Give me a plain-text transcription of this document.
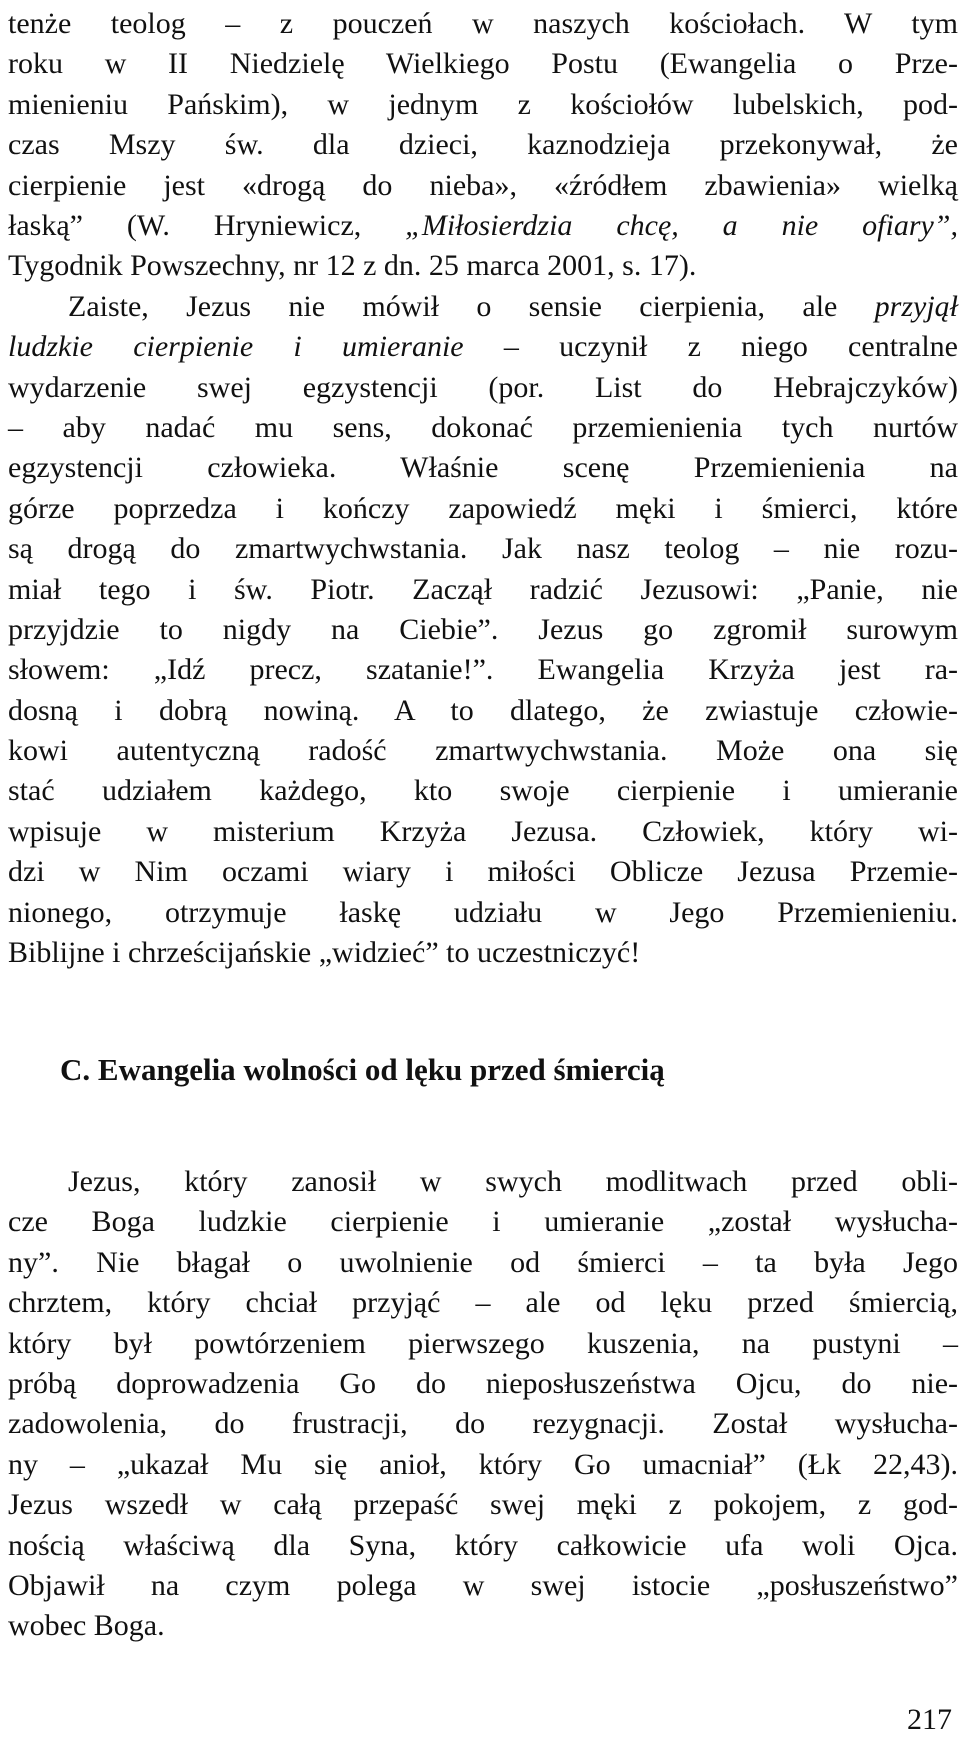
tenże teolog – z pouczeń w naszych kościołach. W tym
roku w II Niedzielę Wielkiego Postu (Ewangelia o Prze-
mienieniu Pańskim), w jednym z kościołów lubelskich, pod-
czas Mszy św. dla dzieci, kaznodzieja przekonywał, że
cierpienie jest «drogą do nieba», «źródłem zbawienia» wielką
łaską” (W. Hryniewicz, „Miłosierdzia chcę, a nie ofiary”,
Tygodnik Powszechny, nr 12 z dn. 25 marca 2001, s. 17).
Zaiste, Jezus nie mówił o sensie cierpienia, ale przyjął
ludzkie cierpienie i umieranie – uczynił z niego centralne
wydarzenie swej egzystencji (por. List do Hebrajczyków)
– aby nadać mu sens, dokonać przemienienia tych nurtów
egzystencji człowieka. Właśnie scenę Przemienienia na
górze poprzedza i kończy zapowiedź męki i śmierci, które
są drogą do zmartwychwstania. Jak nasz teolog – nie rozu-
miał tego i św. Piotr. Zaczął radzić Jezusowi: „Panie, nie
przyjdzie to nigdy na Ciebie”. Jezus go zgromił surowym
słowem: „Idź precz, szatanie!”. Ewangelia Krzyża jest ra-
dosną i dobrą nowiną. A to dlatego, że zwiastuje człowie-
kowi autentyczną radość zmartwychwstania. Może ona się
stać udziałem każdego, kto swoje cierpienie i umieranie
wpisuje w misterium Krzyża Jezusa. Człowiek, który wi-
dzi w Nim oczami wiary i miłości Oblicze Jezusa Przemie-
nionego, otrzymuje łaskę udziału w Jego Przemienieniu.
Biblijne i chrześcijańskie „widzieć” to uczestniczyć!
C. Ewangelia wolności od lęku przed śmiercią
Jezus, który zanosił w swych modlitwach przed obli-
cze Boga ludzkie cierpienie i umieranie „został wysłucha-
ny”. Nie błagał o uwolnienie od śmierci – ta była Jego
chrztem, który chciał przyjąć – ale od lęku przed śmiercią,
który był powtórzeniem pierwszego kuszenia, na pustyni –
próbą doprowadzenia Go do nieposłuszeństwa Ojcu, do nie-
zadowolenia, do frustracji, do rezygnacji. Został wysłucha-
ny – „ukazał Mu się anioł, który Go umacniał” (Łk 22,43).
Jezus wszedł w całą przepaść swej męki z pokojem, z god-
nością właściwą dla Syna, który całkowicie ufa woli Ojca.
Objawił na czym polega w swej istocie „posłuszeństwo”
wobec Boga.
217
